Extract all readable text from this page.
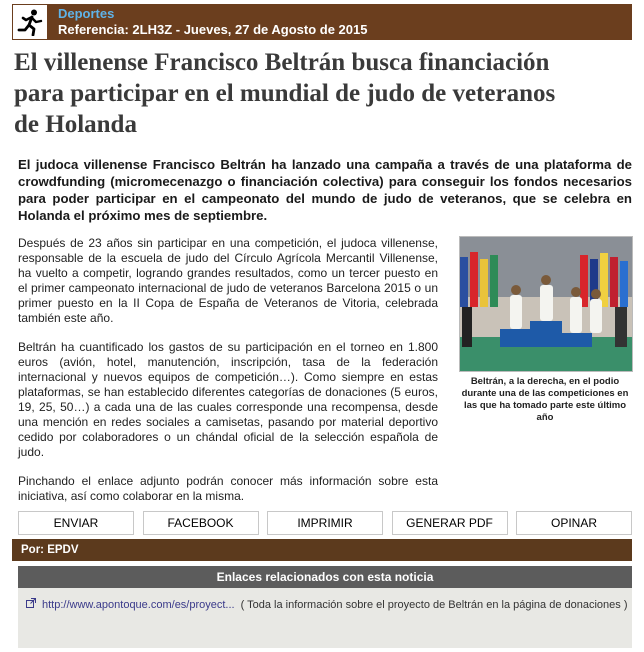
Deportes
Referencia: 2LH3Z - Jueves, 27 de Agosto de 2015
El villenense Francisco Beltrán busca financiación para participar en el mundial de judo de veteranos de Holanda
El judoca villenense Francisco Beltrán ha lanzado una campaña a través de una plataforma de crowdfunding (micromecenazgo o financiación colectiva) para conseguir los fondos necesarios para poder participar en el campeonato del mundo de judo de veteranos, que se celebra en Holanda el próximo mes de septiembre.

Después de 23 años sin participar en una competición, el judoca villenense, responsable de la escuela de judo del Círculo Agrícola Mercantil Villenense, ha vuelto a competir, logrando grandes resultados, como un tercer puesto en el primer campeonato internacional de judo de veteranos Barcelona 2015 o un primer puesto en la II Copa de España de Veteranos de Vitoria, celebrada también este año.

Beltrán ha cuantificado los gastos de su participación en el torneo en 1.800 euros (avión, hotel, manutención, inscripción, tasa de la federación internacional y nuevos equipos de competición…). Como siempre en estas plataformas, se han establecido diferentes categorías de donaciones (5 euros, 19, 25, 50…) a cada una de las cuales corresponde una recompensa, desde una mención en redes sociales a camisetas, pasando por material deportivo cedido por colaboradores o un chándal oficial de la selección española de judo.

Pinchando el enlace adjunto podrán conocer más información sobre esta iniciativa, así como colaborar en la misma.

Beltrán, a la derecha, en el podio durante una de las competiciones en las que ha tomado parte este último año
ENVIAR	FACEBOOK	IMPRIMIR	GENERAR PDF	OPINAR
Por: EPDV
Enlaces relacionados con esta noticia
http://www.apontoque.com/es/proyect... ( Toda la información sobre el proyecto de Beltrán en la página de donaciones )
